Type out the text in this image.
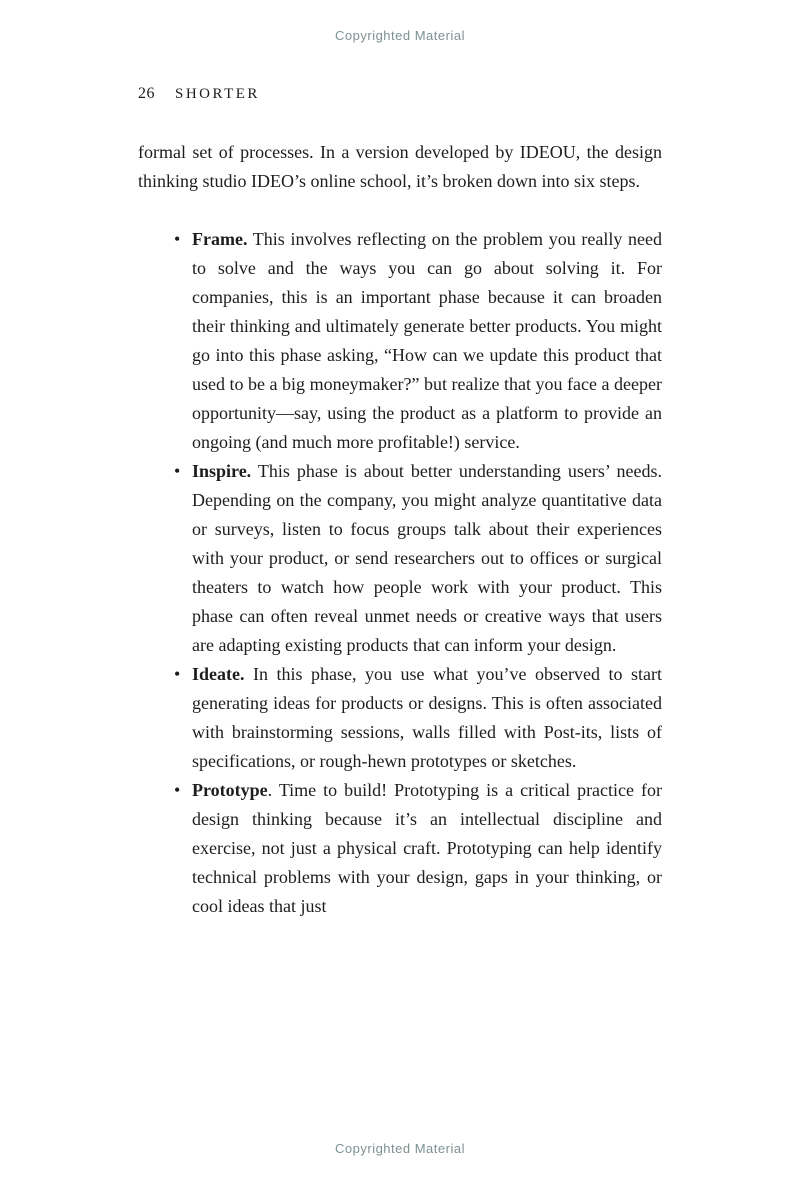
Copyrighted Material
26 SHORTER

formal set of processes. In a version developed by IDEOU, the design thinking studio IDEO’s online school, it’s broken down into six steps.

• Frame. This involves reflecting on the problem you really need to solve and the ways you can go about solving it. For companies, this is an important phase because it can broaden their thinking and ultimately generate better products. You might go into this phase asking, “How can we update this product that used to be a big moneymaker?” but realize that you face a deeper opportunity—say, using the product as a platform to provide an ongoing (and much more profitable!) service.
• Inspire. This phase is about better understanding users’ needs. Depending on the company, you might analyze quantitative data or surveys, listen to focus groups talk about their experiences with your product, or send researchers out to offices or surgical theaters to watch how people work with your product. This phase can often reveal unmet needs or creative ways that users are adapting existing products that can inform your design.
• Ideate. In this phase, you use what you’ve observed to start generating ideas for products or designs. This is often associated with brainstorming sessions, walls filled with Post-its, lists of specifications, or rough-hewn prototypes or sketches.
• Prototype. Time to build! Prototyping is a critical practice for design thinking because it’s an intellectual discipline and exercise, not just a physical craft. Prototyping can help identify technical problems with your design, gaps in your thinking, or cool ideas that just
Copyrighted Material
